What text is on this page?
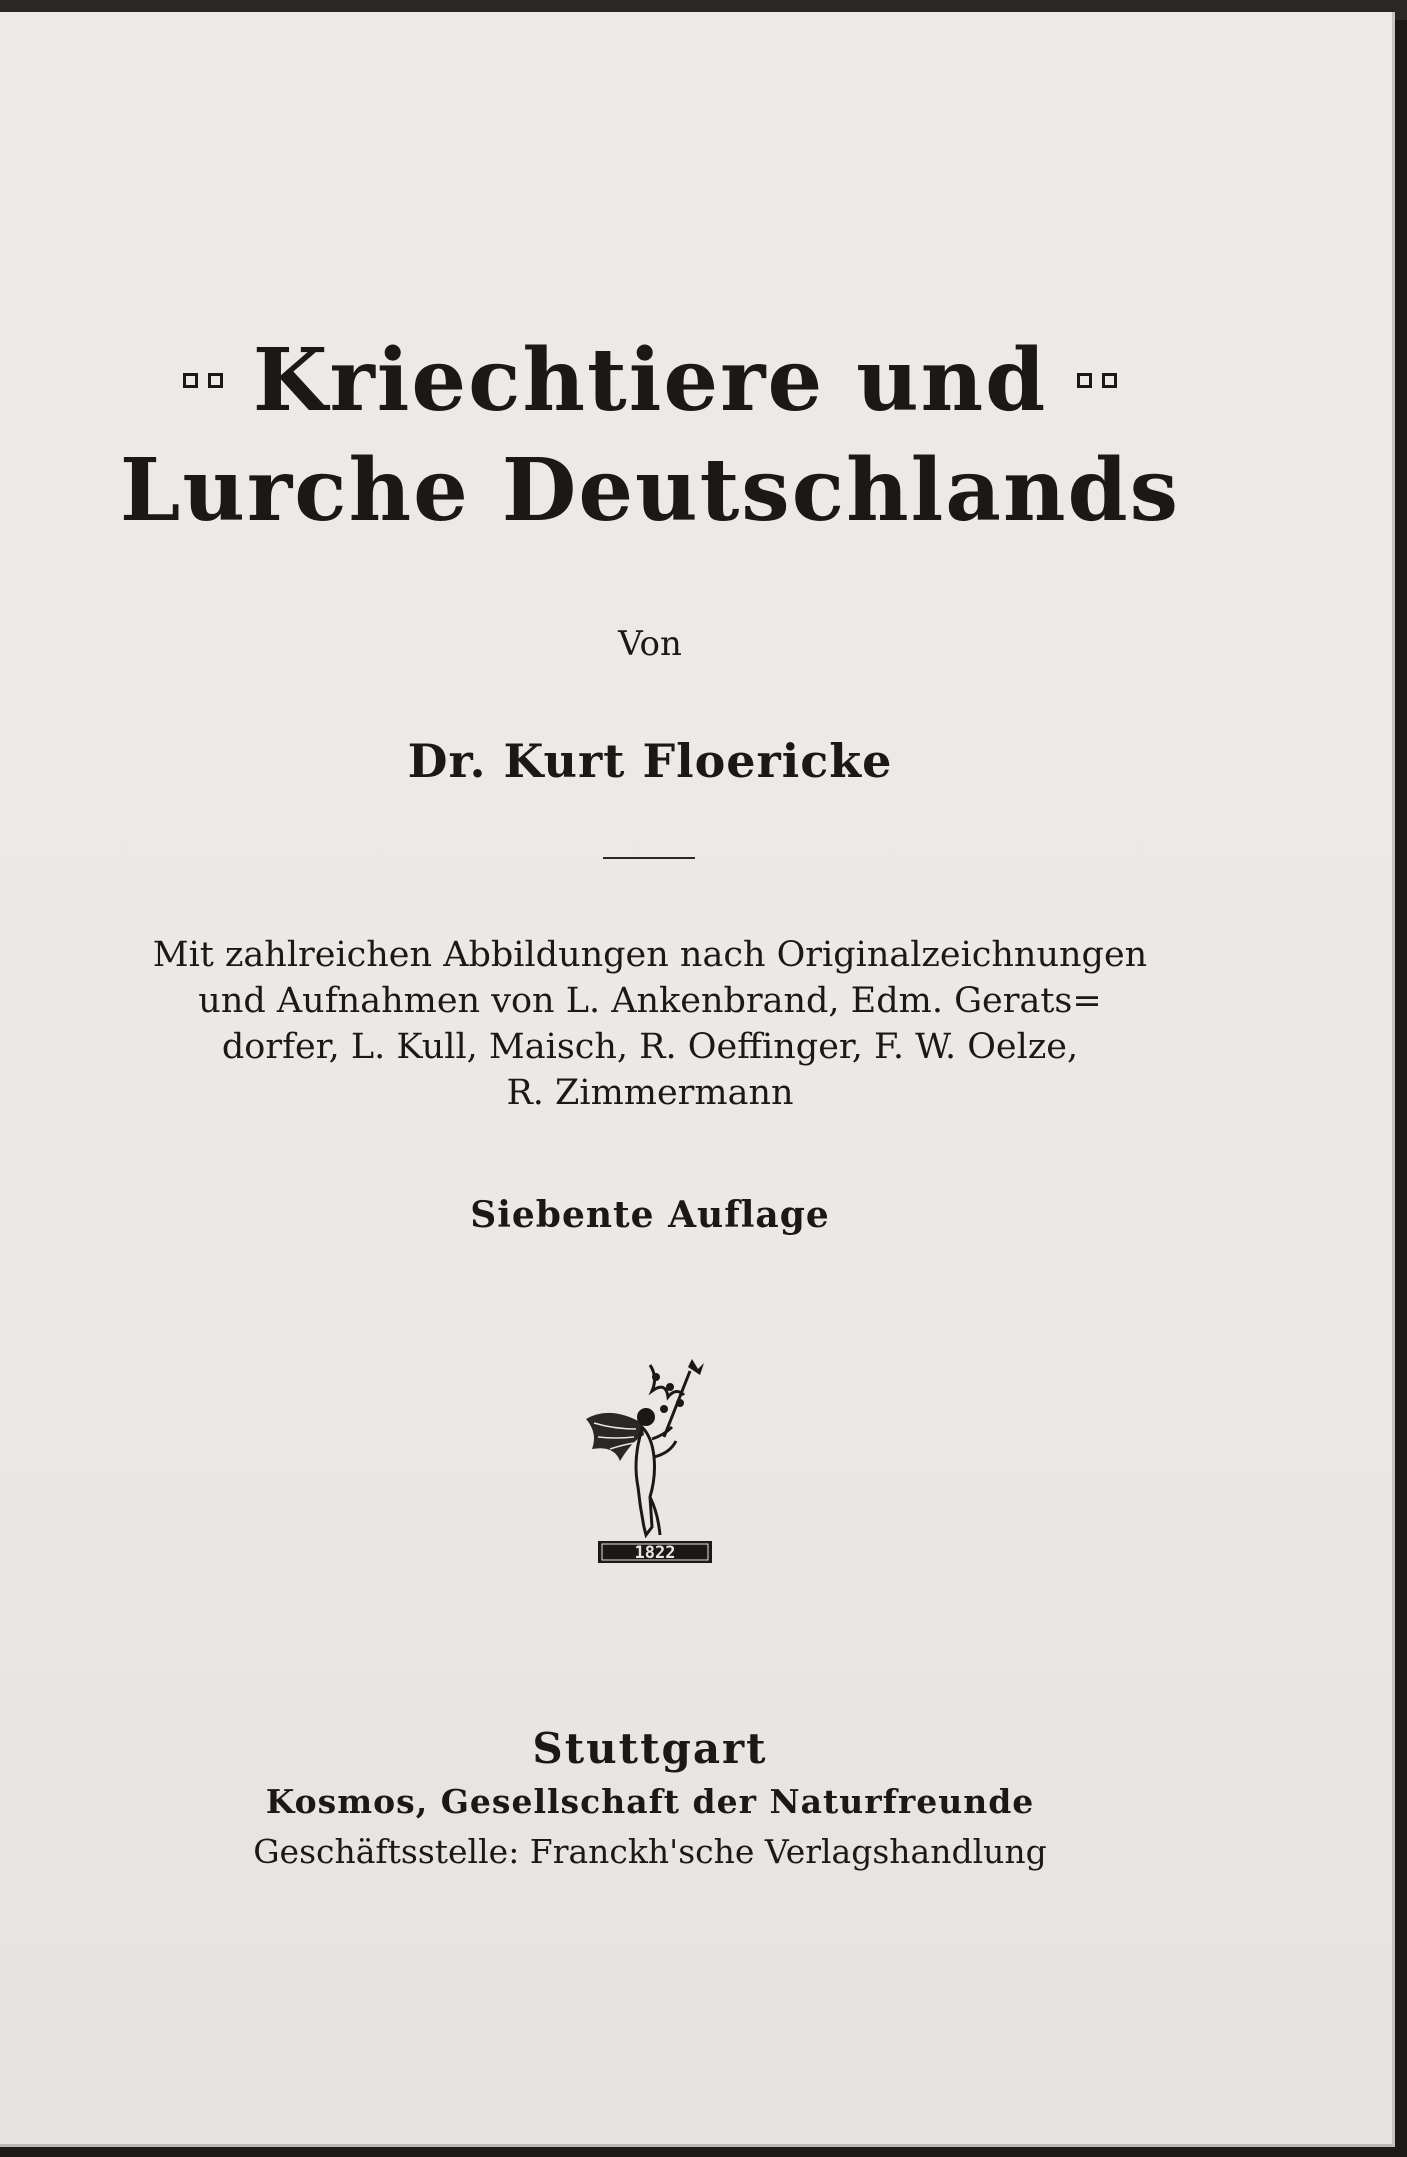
Kriechtiere und
Lurche Deutschlands
Von
Dr. Kurt Floericke
Mit zahlreichen Abbildungen nach Originalzeichnungen
und Aufnahmen von L. Ankenbrand, Edm. Gerats=
dorfer, L. Kull, Maisch, R. Oeffinger, F. W. Oelze,
R. Zimmermann
Siebente Auflage
1822
Stuttgart
Kosmos, Gesellschaft der Naturfreunde
Geschäftsstelle: Franckh'sche Verlagshandlung
